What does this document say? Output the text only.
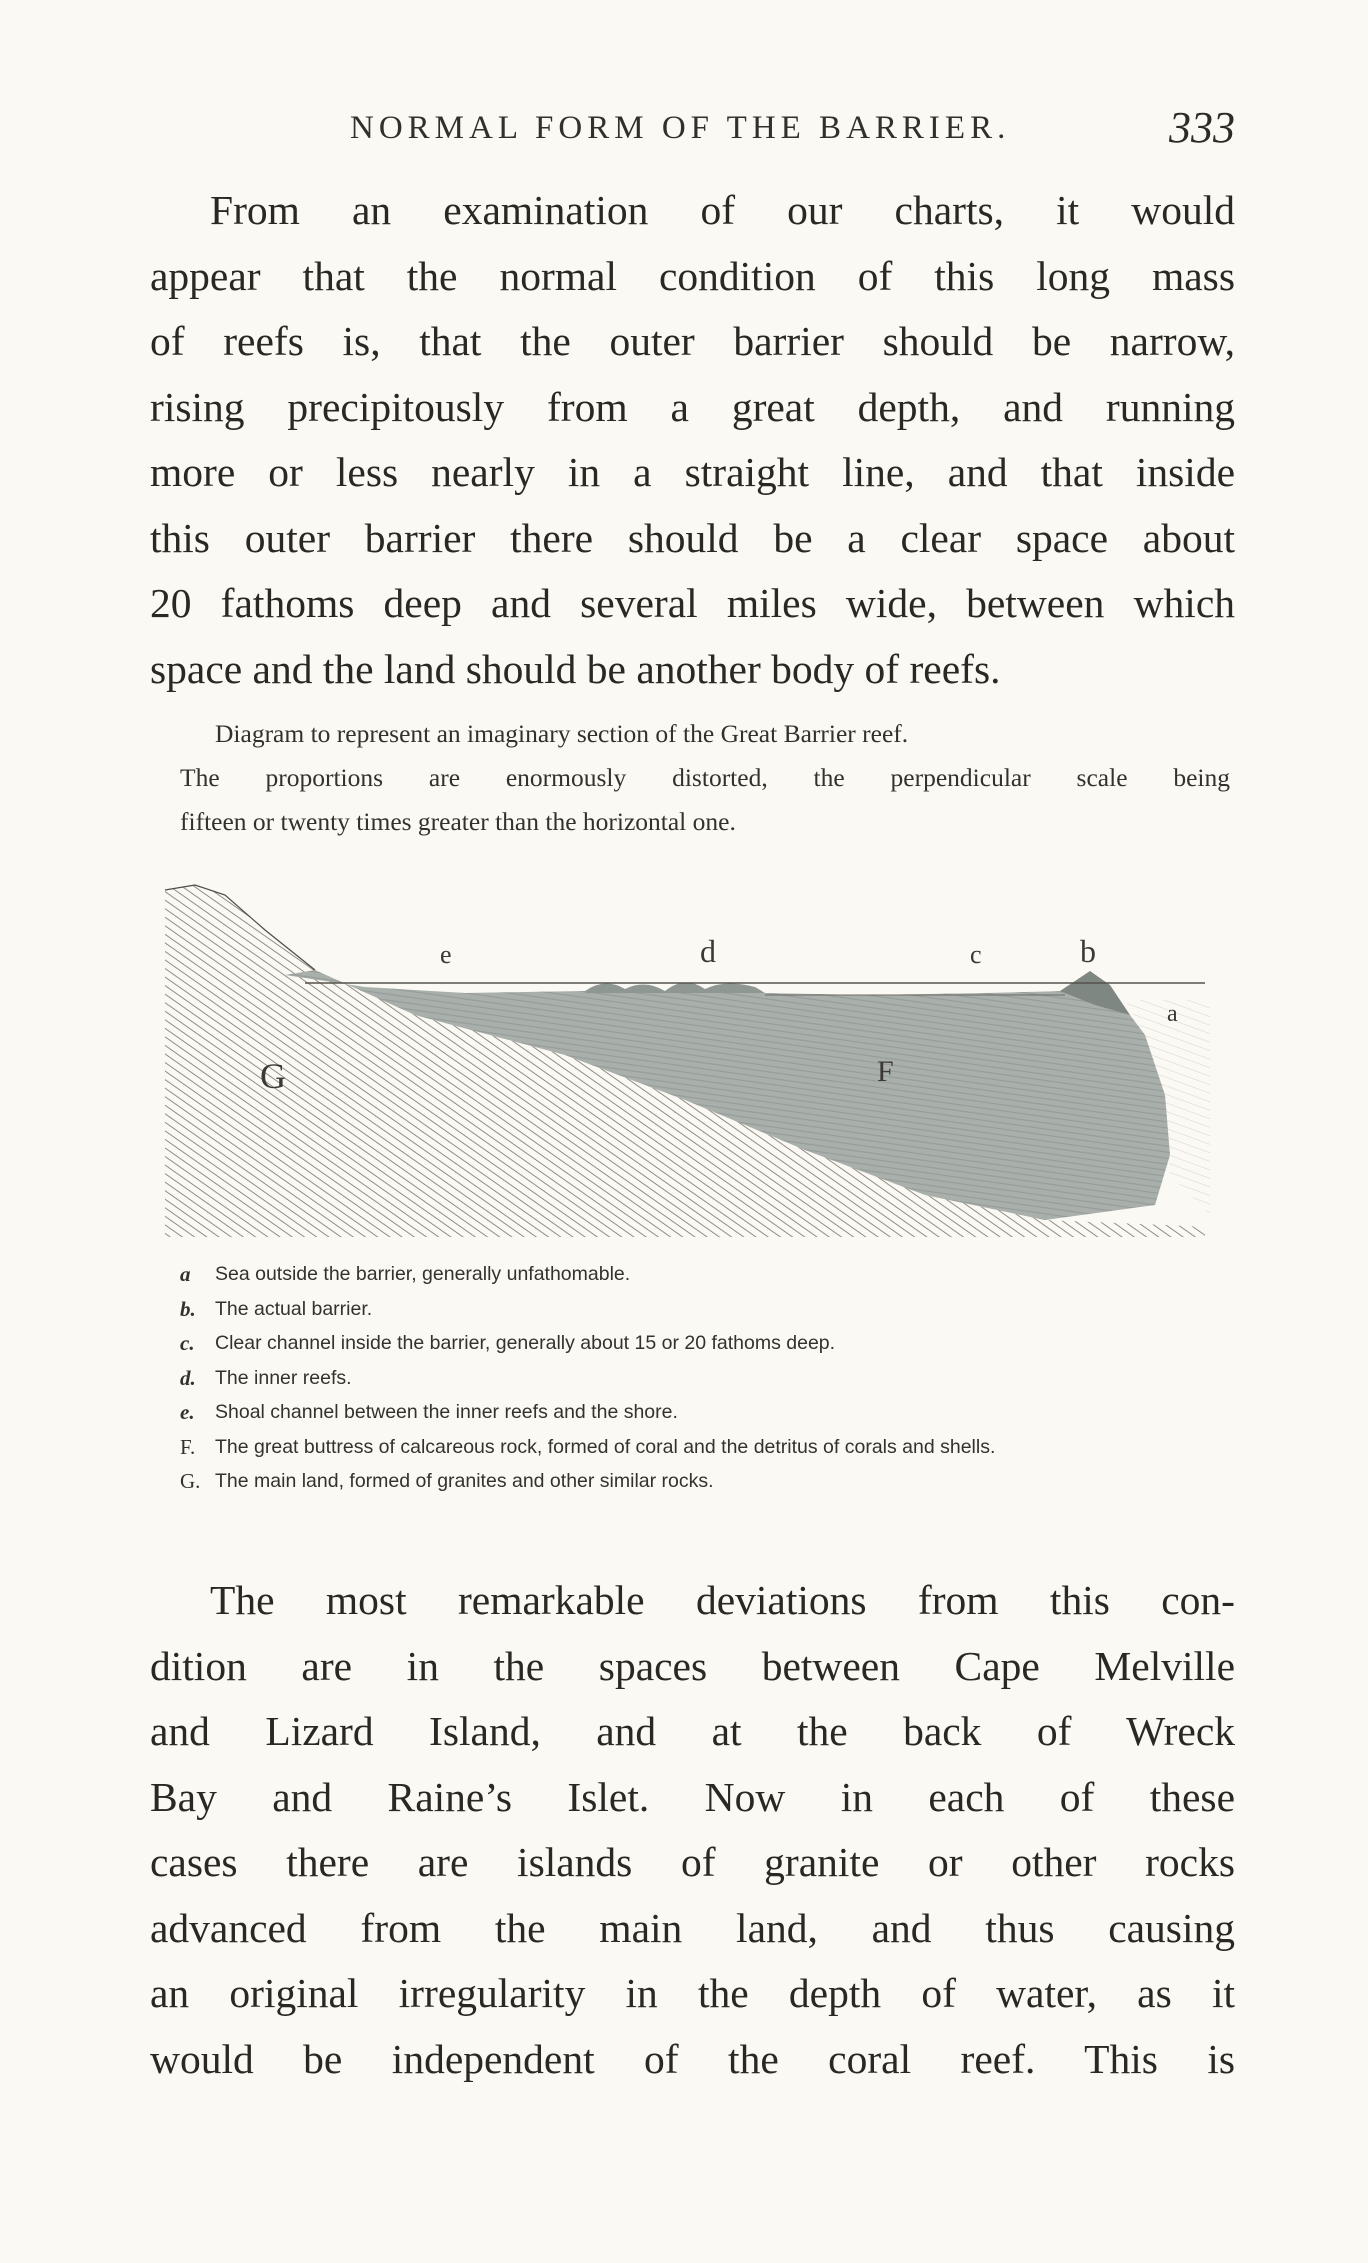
NORMAL FORM OF THE BARRIER.	333
From an examination of our charts, it would
appear that the normal condition of this long mass
of reefs is, that the outer barrier should be narrow,
rising precipitously from a great depth, and running
more or less nearly in a straight line, and that inside
this outer barrier there should be a clear space about
20 fathoms deep and several miles wide, between which
space and the land should be another body of reefs.
Diagram to represent an imaginary section of the Great Barrier reef.
The proportions are enormously distorted, the perpendicular scale being
fifteen or twenty times greater than the horizontal one.
e	d	c	b
a
G	F
a	Sea outside the barrier, generally unfathomable.
b. The actual barrier.
c.	Clear channel inside the barrier, generally about 15 or 20 fathoms deep.
d. The inner reefs.
e.	Shoal channel between the inner reefs and the shore.
F.	The great buttress of calcareous rock, formed of coral and the detritus of corals and shells.
G. The main land, formed of granites and other similar rocks.
The most remarkable deviations from this con-
dition are in the spaces between Cape Melville
and Lizard Island, and at the back of Wreck
Bay and Raine’s Islet. Now in each of these
cases there are islands of granite or other rocks
advanced from the main land, and thus causing
an original irregularity in the depth of water, as it
would be independent of the coral reef. This is
